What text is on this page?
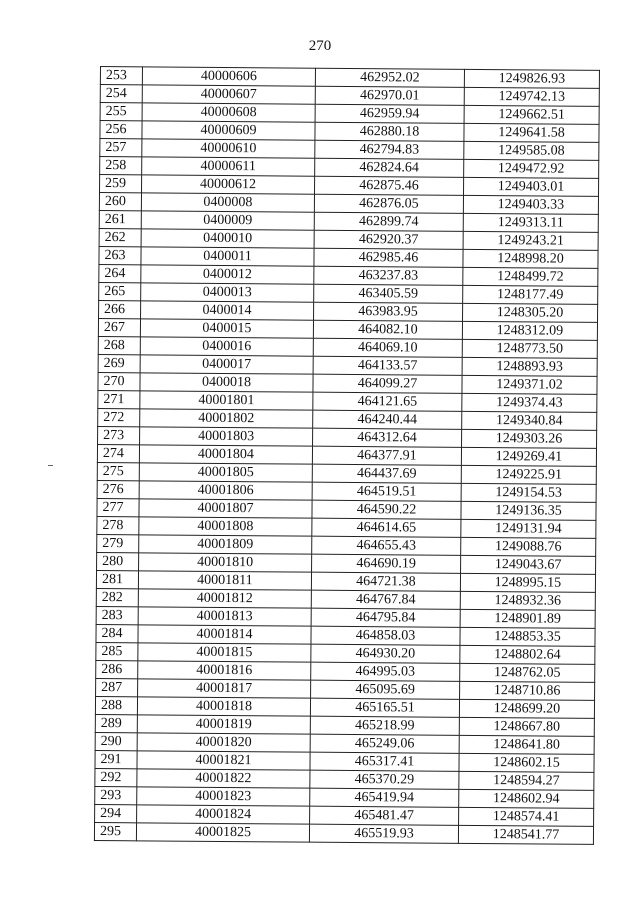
270
253	40000606	462952.02	1249826.93
254	40000607	462970.01	1249742.13
255	40000608	462959.94	1249662.51
256	40000609	462880.18	1249641.58
257	40000610	462794.83	1249585.08
258	40000611	462824.64	1249472.92
259	40000612	462875.46	1249403.01
260	0400008	462876.05	1249403.33
261	0400009	462899.74	1249313.11
262	0400010	462920.37	1249243.21
263	0400011	462985.46	1248998.20
264	0400012	463237.83	1248499.72
265	0400013	463405.59	1248177.49
266	0400014	463983.95	1248305.20
267	0400015	464082.10	1248312.09
268	0400016	464069.10	1248773.50
269	0400017	464133.57	1248893.93
270	0400018	464099.27	1249371.02
271	40001801	464121.65	1249374.43
272	40001802	464240.44	1249340.84
273	40001803	464312.64	1249303.26
274	40001804	464377.91	1249269.41
275	40001805	464437.69	1249225.91
276	40001806	464519.51	1249154.53
277	40001807	464590.22	1249136.35
278	40001808	464614.65	1249131.94
279	40001809	464655.43	1249088.76
280	40001810	464690.19	1249043.67
281	40001811	464721.38	1248995.15
282	40001812	464767.84	1248932.36
283	40001813	464795.84	1248901.89
284	40001814	464858.03	1248853.35
285	40001815	464930.20	1248802.64
286	40001816	464995.03	1248762.05
287	40001817	465095.69	1248710.86
288	40001818	465165.51	1248699.20
289	40001819	465218.99	1248667.80
290	40001820	465249.06	1248641.80
291	40001821	465317.41	1248602.15
292	40001822	465370.29	1248594.27
293	40001823	465419.94	1248602.94
294	40001824	465481.47	1248574.41
295	40001825	465519.93	1248541.77
